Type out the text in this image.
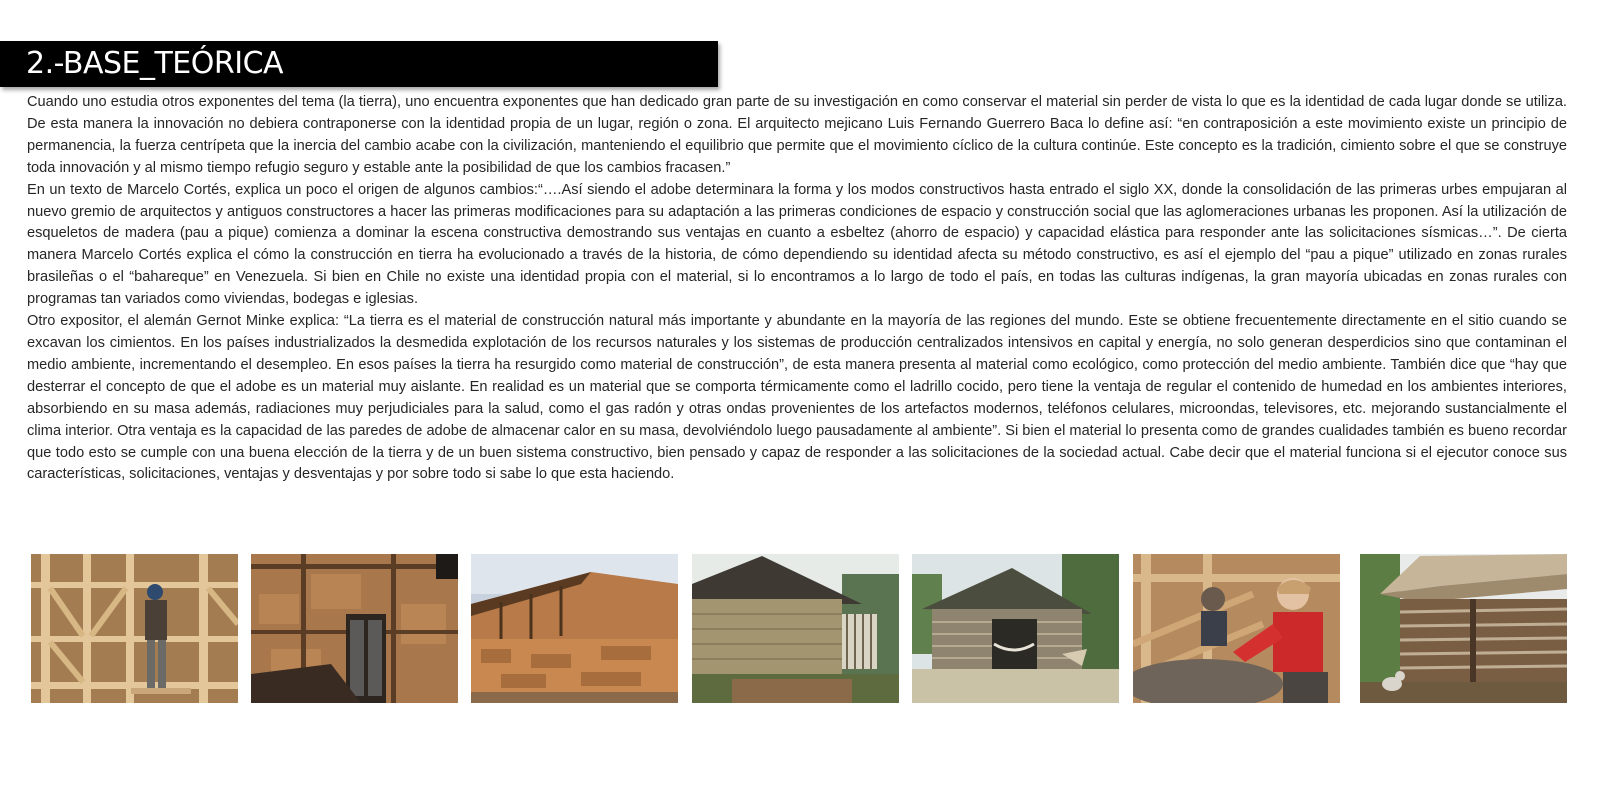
2.-BASE_TEÓRICA

Cuando uno estudia otros exponentes del tema (la tierra), uno encuentra exponentes que han dedicado gran parte de su investigación en como conservar el material sin perder de vista lo que es la identidad de cada lugar donde se utiliza. De esta manera la innovación no debiera contraponerse con la identidad propia de un lugar, región o zona. El arquitecto mejicano Luis Fernando Guerrero Baca lo define así: “en contraposición a este movimiento existe un principio de permanencia, la fuerza centrípeta que la inercia del cambio acabe con la civilización, manteniendo el equilibrio que permite que el movimiento cíclico de la cultura continúe. Este concepto es la tradición, cimiento sobre el que se construye toda innovación y al mismo tiempo refugio seguro y estable ante la posibilidad de que los cambios fracasen.”

En un texto de Marcelo Cortés, explica un poco el origen de algunos cambios:“….Así siendo el adobe determinara la forma y los modos constructivos hasta entrado el siglo XX, donde la consolidación de las primeras urbes empujaran al nuevo gremio de arquitectos y antiguos constructores a hacer las primeras modificaciones para su adaptación a las primeras condiciones de espacio y construcción social que las aglomeraciones urbanas les proponen. Así la utilización de esqueletos de madera (pau a pique) comienza a dominar la escena constructiva demostrando sus ventajas en cuanto a esbeltez (ahorro de espacio) y capacidad elástica para responder ante las solicitaciones sísmicas…”. De cierta manera Marcelo Cortés explica el cómo la construcción en tierra ha evolucionado a través de la historia, de cómo dependiendo su identidad afecta su método constructivo, es así el ejemplo del “pau a pique” utilizado en zonas rurales brasileñas o el “bahareque” en Venezuela. Si bien en Chile no existe una identidad propia con el material, si lo encontramos a lo largo de todo el país, en todas las culturas indígenas, la gran mayoría ubicadas en zonas rurales con programas tan variados como viviendas, bodegas e iglesias.

Otro expositor, el alemán Gernot Minke explica: “La tierra es el material de construcción natural más importante y abundante en la mayoría de las regiones del mundo. Este se obtiene frecuentemente directamente en el sitio cuando se excavan los cimientos. En los países industrializados la desmedida explotación de los recursos naturales y los sistemas de producción centralizados intensivos en capital y energía, no solo generan desperdicios sino que contaminan el medio ambiente, incrementando el desempleo. En esos países la tierra ha resurgido como material de construcción”, de esta manera presenta al material como ecológico, como protección del medio ambiente. También dice que “hay que desterrar el concepto de que el adobe es un material muy aislante. En realidad es un material que se comporta térmicamente como el ladrillo cocido, pero tiene la ventaja de regular el contenido de humedad en los ambientes interiores, absorbiendo en su masa además, radiaciones muy perjudiciales para la salud, como el gas radón y otras ondas provenientes de los artefactos modernos, teléfonos celulares, microondas, televisores, etc. mejorando sustancialmente el clima interior. Otra ventaja es la capacidad de las paredes de adobe de almacenar calor en su masa, devolviéndolo luego pausadamente al ambiente”. Si bien el material lo presenta como de grandes cualidades también es bueno recordar que todo esto se cumple con una buena elección de la tierra y de un buen sistema constructivo, bien pensado y capaz de responder a las solicitaciones de la sociedad actual. Cabe decir que el material funciona si el ejecutor conoce sus características, solicitaciones, ventajas y desventajas y por sobre todo si sabe lo que esta haciendo.
